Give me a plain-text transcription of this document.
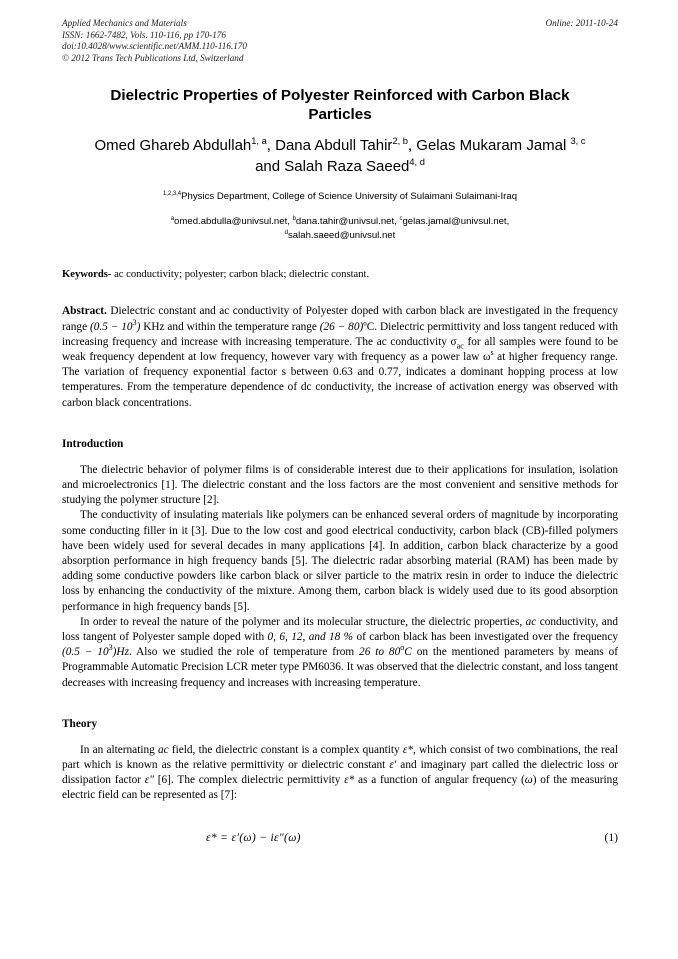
Online: 2011-10-24
Applied Mechanics and Materials
ISSN: 1662-7482, Vols. 110-116, pp 170-176
doi:10.4028/www.scientific.net/AMM.110-116.170
© 2012 Trans Tech Publications Ltd, Switzerland
Dielectric Properties of Polyester Reinforced with Carbon Black Particles
Omed Ghareb Abdullah$^{1, a}$, Dana Abdull Tahir$^{2, b}$, Gelas Mukaram Jamal $^{3, c}$
and Salah Raza Saeed$^{4, d}$
$^{1,2,3,4}$Physics Department, College of Science University of Sulaimani Sulaimani-Iraq
$^a$omed.abdulla@univsul.net, $^b$dana.tahir@univsul.net, $^c$gelas.jamal@univsul.net,
$^d$salah.saeed@univsul.net
Keywords- ac conductivity; polyester; carbon black; dielectric constant.
Abstract. Dielectric constant and ac conductivity of Polyester doped with carbon black are investigated in the frequency range $(0.5 - 10^3)$ KHz and within the temperature range (26 − 80)ºC. Dielectric permittivity and loss tangent reduced with increasing frequency and increase with increasing temperature. The ac conductivity $\sigma_{ac}$ for all samples were found to be weak frequency dependent at low frequency, however vary with frequency as a power law $\omega^s$ at higher frequency range. The variation of frequency exponential factor s between 0.63 and 0.77, indicates a dominant hopping process at low temperatures. From the temperature dependence of dc conductivity, the increase of activation energy was observed with carbon black concentrations.
Introduction

The dielectric behavior of polymer films is of considerable interest due to their applications for insulation, isolation and microelectronics [1]. The dielectric constant and the loss factors are the most convenient and sensitive methods for studying the polymer structure [2].

The conductivity of insulating materials like polymers can be enhanced several orders of magnitude by incorporating some conducting filler in it [3]. Due to the low cost and good electrical conductivity, carbon black (CB)-filled polymers have been widely used for several decades in many applications [4]. In addition, carbon black characterize by a good absorption performance in high frequency bands [5]. The dielectric radar absorbing material (RAM) has been made by adding some conductive powders like carbon black or silver particle to the matrix resin in order to induce the dielectric loss by enhancing the conductivity of the mixture. Among them, carbon black is widely used due to its good absorption performance in high frequency bands [5].

In order to reveal the nature of the polymer and its molecular structure, the dielectric properties, ac conductivity, and loss tangent of Polyester sample doped with 0, 6, 12, and 18 % of carbon black has been investigated over the frequency $(0.5 - 10^3)Hz$. Also we studied the role of temperature from 26 to 80$^o$C on the mentioned parameters by means of Programmable Automatic Precision LCR meter type PM6036. It was observed that the dielectric constant, and loss tangent decreases with increasing frequency and increases with increasing temperature.

Theory

In an alternating ac field, the dielectric constant is a complex quantity ε*, which consist of two combinations, the real part which is known as the relative permittivity or dielectric constant ε′ and imaginary part called the dielectric loss or dissipation factor ε″ [6]. The complex dielectric permittivity ε* as a function of angular frequency (ω) of the measuring electric field can be represented as [7]:

ε* = ε′(ω) − iε″(ω)	(1)
